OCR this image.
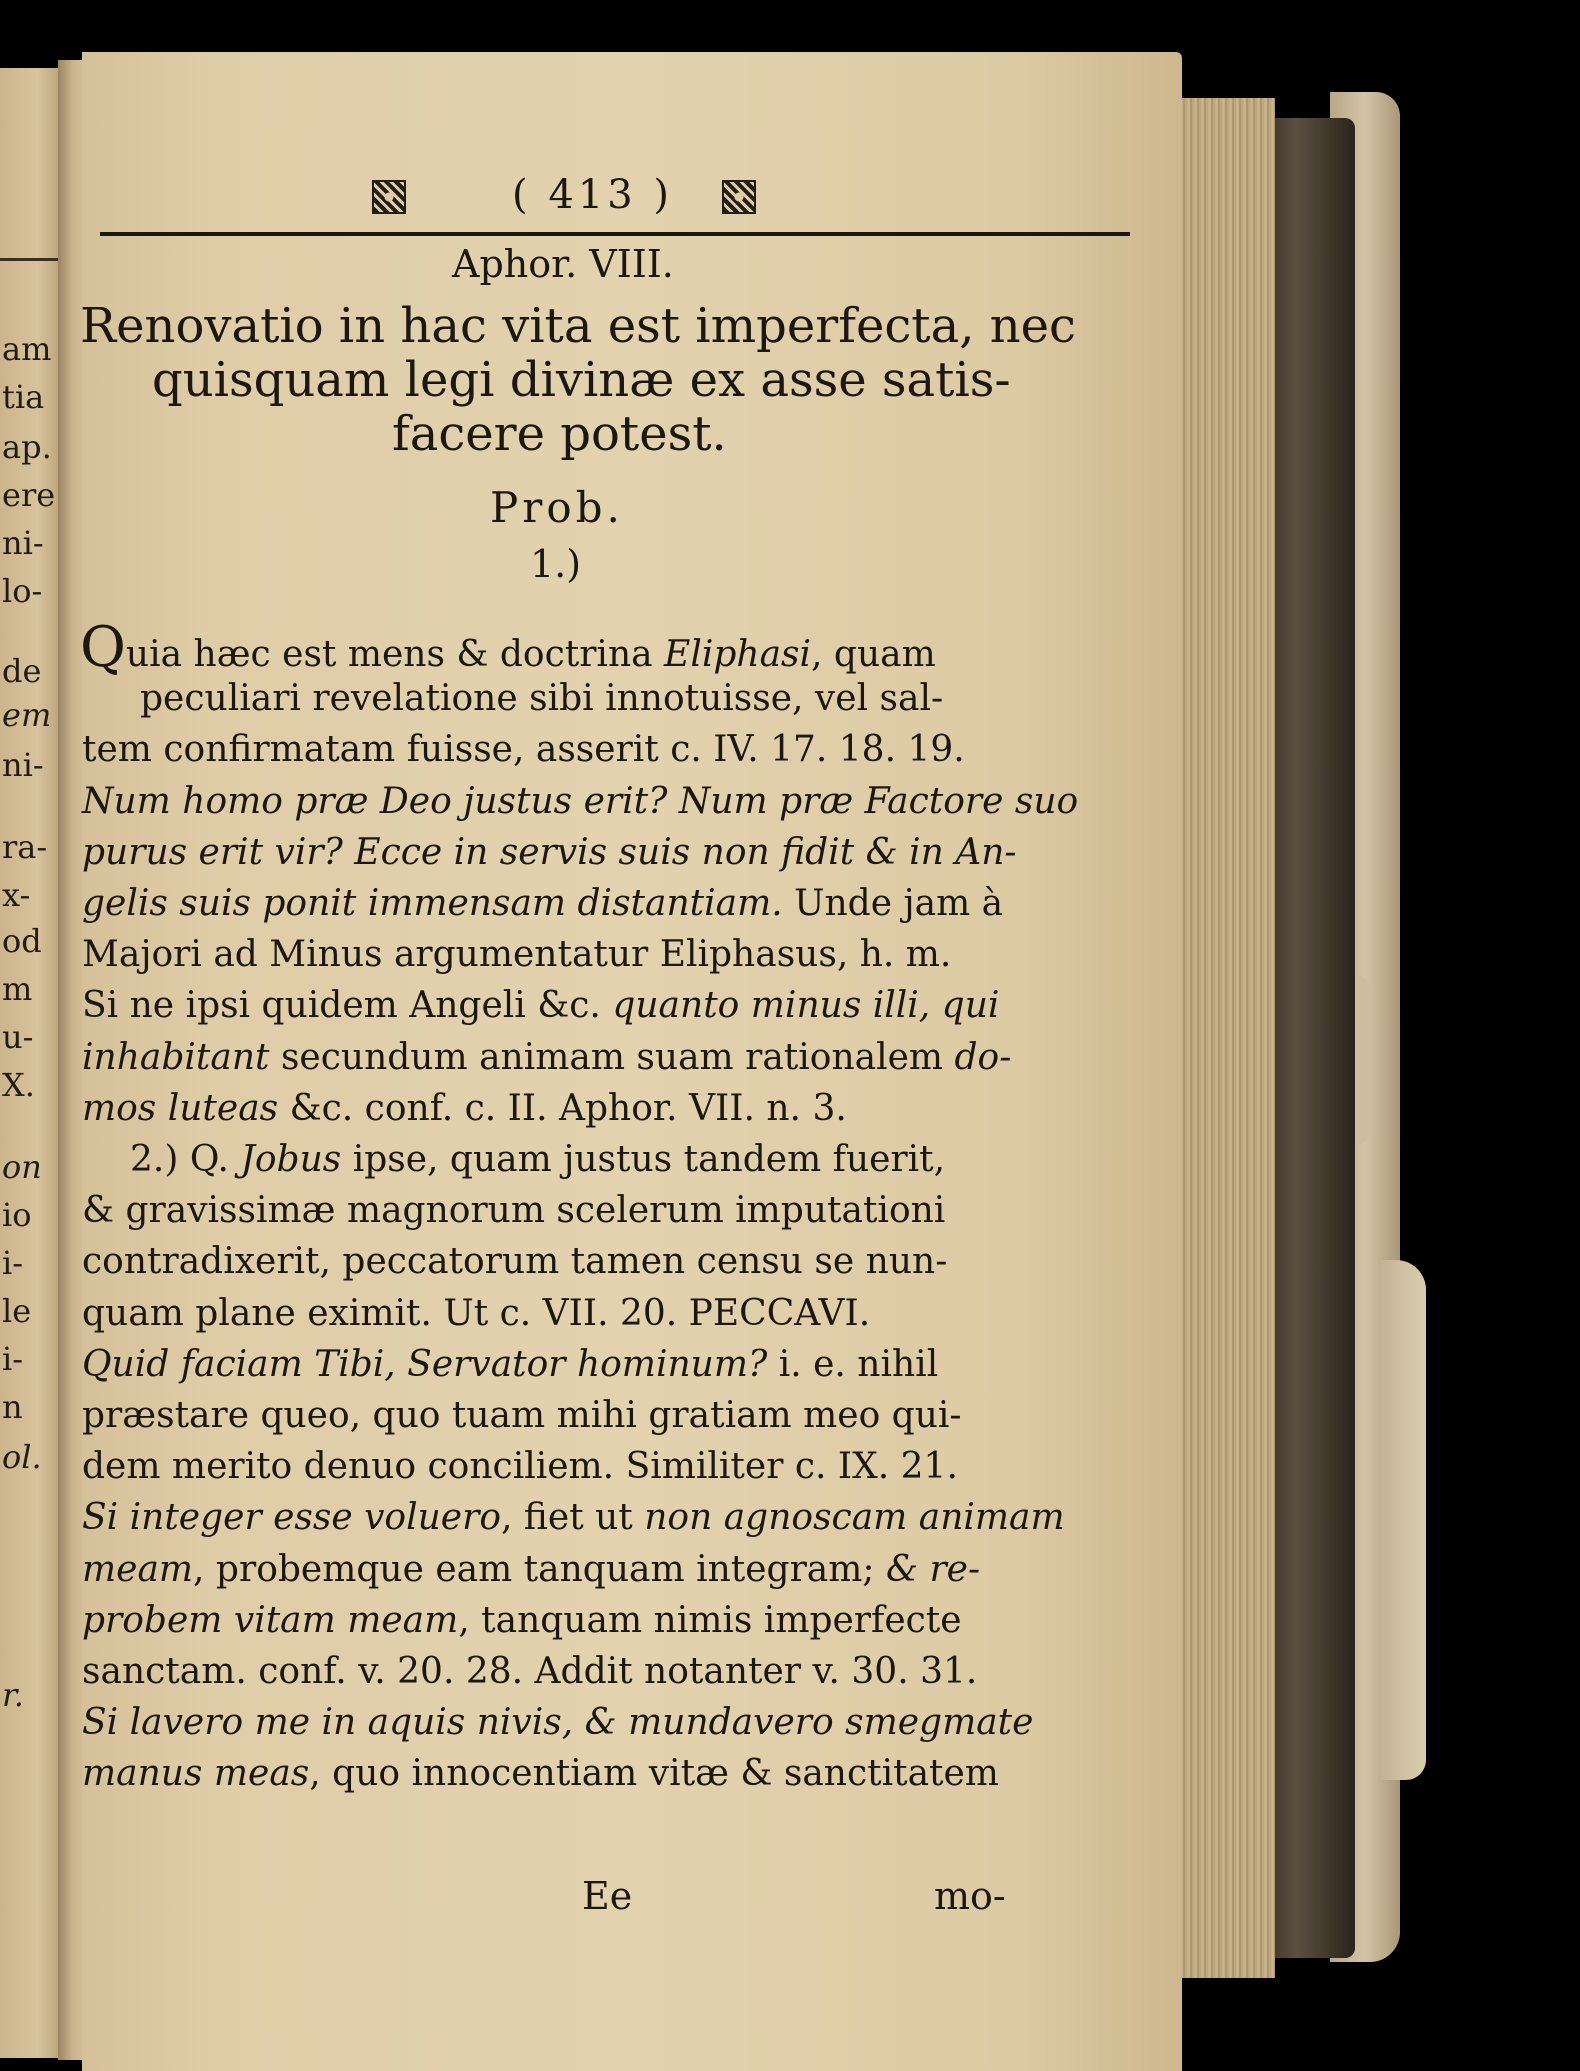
am
tia
ap.
ere
ni-
lo-
de
em
ni-
ra-
x-
od
m
u-
X.
on
io
i-
le
i-
n
ol.
r.
( 413 )
Aphor. VIII.
Renovatio in hac vita est imperfecta, nec
quisquam legi divinæ ex asse satis-
facere potest.
Prob.
1.)
Quia hæc est mens & doctrina Eliphasi, quam
peculiari revelatione sibi innotuisse, vel sal-
tem confirmatam fuisse, asserit c. IV. 17. 18. 19.
Num homo præ Deo justus erit? Num præ Factore suo
purus erit vir? Ecce in servis suis non fidit & in An-
gelis suis ponit immensam distantiam. Unde jam à
Majori ad Minus argumentatur Eliphasus, h. m.
Si ne ipsi quidem Angeli &c. quanto minus illi, qui
inhabitant secundum animam suam rationalem do-
mos luteas &c. conf. c. II. Aphor. VII. n. 3.
2.) Q. Jobus ipse, quam justus tandem fuerit,
& gravissimæ magnorum scelerum imputationi
contradixerit, peccatorum tamen censu se nun-
quam plane eximit. Ut c. VII. 20. PECCAVI.
Quid faciam Tibi, Servator hominum? i. e. nihil
præstare queo, quo tuam mihi gratiam meo qui-
dem merito denuo conciliem. Similiter c. IX. 21.
Si integer esse voluero, fiet ut non agnoscam animam
meam, probemque eam tanquam integram; & re-
probem vitam meam, tanquam nimis imperfecte
sanctam. conf. v. 20. 28. Addit notanter v. 30. 31.
Si lavero me in aquis nivis, & mundavero smegmate
manus meas, quo innocentiam vitæ & sanctitatem
Ee	mo-
